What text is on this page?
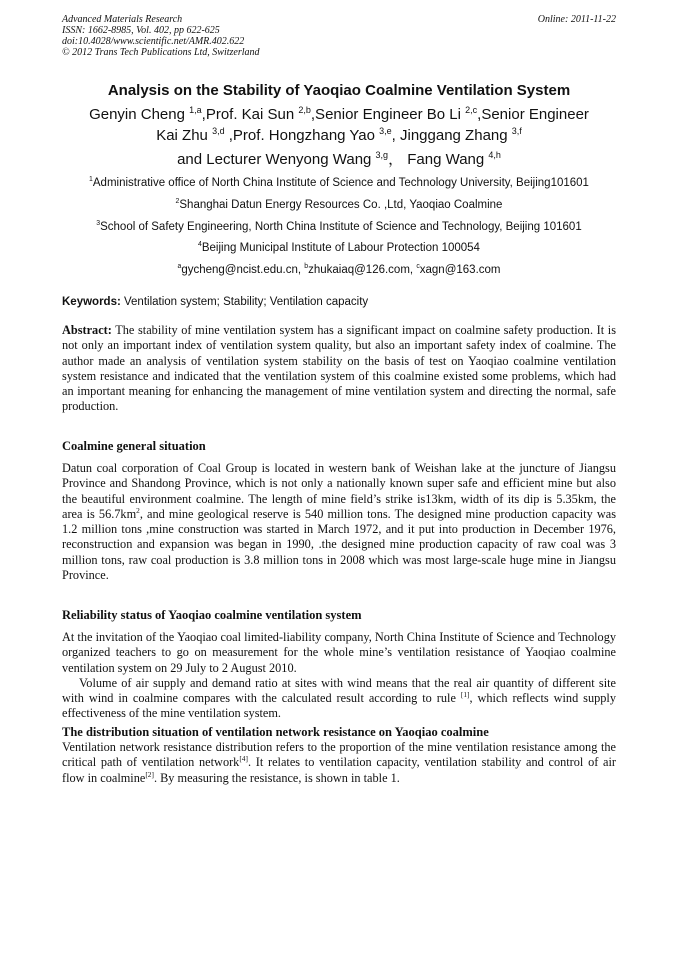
Advanced Materials Research
ISSN: 1662-8985, Vol. 402, pp 622-625
doi:10.4028/www.scientific.net/AMR.402.622
© 2012 Trans Tech Publications Ltd, Switzerland
Online: 2011-11-22
Analysis on the Stability of Yaoqiao Coalmine Ventilation System
Genyin Cheng $^{1,a}$,Prof. Kai Sun $^{2,b}$,Senior Engineer Bo Li $^{2,c}$,Senior Engineer
Kai Zhu $^{3,d}$ ,Prof. Hongzhang Yao $^{3,e}$, Jinggang Zhang $^{3,f}$
and Lecturer Wenyong Wang $^{3,g}$， Fang Wang $^{4,h}$
$^1$Administrative office of North China Institute of Science and Technology University, Beijing101601
$^2$Shanghai Datun Energy Resources Co. ,Ltd, Yaoqiao Coalmine
$^3$School of Safety Engineering, North China Institute of Science and Technology, Beijing 101601
$^4$Beijing Municipal Institute of Labour Protection 100054
$^a$gycheng@ncist.edu.cn, $^b$zhukaiaq@126.com, $^c$xagn@163.com
Keywords: Ventilation system; Stability; Ventilation capacity
Abstract: The stability of mine ventilation system has a significant impact on coalmine safety production. It is not only an important index of ventilation system quality, but also an important safety index of coalmine. The author made an analysis of ventilation system stability on the basis of test on Yaoqiao coalmine ventilation system resistance and indicated that the ventilation system of this coalmine existed some problems, which had an important meaning for enhancing the management of mine ventilation system and directing the normal, safe production.
Coalmine general situation
Datun coal corporation of Coal Group is located in western bank of Weishan lake at the juncture of Jiangsu Province and Shandong Province, which is not only a nationally known super safe and efficient mine but also the beautiful environment coalmine. The length of mine field’s strike is13km, width of its dip is 5.35km, the area is $56.7km^2$, and mine geological reserve is 540 million tons. The designed mine production capacity was 1.2 million tons ,mine construction was started in March 1972, and it put into production in December 1976, reconstruction and expansion was began in 1990, .the designed mine production capacity of raw coal was 3 million tons, raw coal production is 3.8 million tons in 2008 which was most large-scale huge mine in Jiangsu Province.
Reliability status of Yaoqiao coalmine ventilation system
At the invitation of the Yaoqiao coal limited-liability company, North China Institute of Science and Technology organized teachers to go on measurement for the whole mine’s ventilation resistance of Yaoqiao coalmine ventilation system on 29 July to 2 August 2010.
Volume of air supply and demand ratio at sites with wind means that the real air quantity of different site with wind in coalmine compares with the calculated result according to rule [1], which reflects wind supply effectiveness of the mine ventilation system.
The distribution situation of ventilation network resistance on Yaoqiao coalmine
Ventilation network resistance distribution refers to the proportion of the mine ventilation resistance among the critical path of ventilation network[4]. It relates to ventilation capacity, ventilation stability and control of air flow in coalmine[2]. By measuring the resistance, is shown in table 1.
